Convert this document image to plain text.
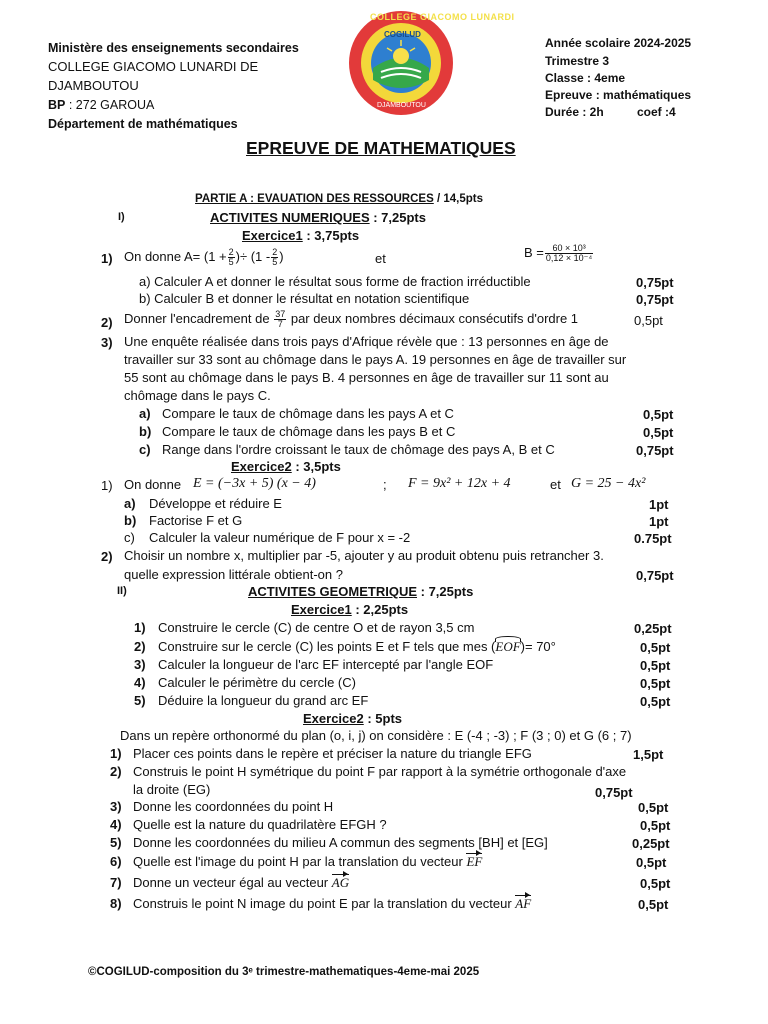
Ministère des enseignements secondaires
COLLEGE GIACOMO LUNARDI DE
DJAMBOUTOU
BP : 272 GAROUA
Département de mathématiques
COLLEGE GIACOMO LUNARDI
COGILUD
DJAMBOUTOU
Année scolaire 2024-2025
Trimestre 3
Classe : 4eme
Epreuve : mathématiques
Durée : 2h	coef :4
EPREUVE DE MATHEMATIQUES
PARTIE A : EVAUATION DES RESSOURCES / 14,5pts
I)	ACTIVITES NUMERIQUES : 7,25pts
Exercice1 : 3,75pts
1) On donne $A= (1 + \frac{2}{5}$ )÷ ($1 - \frac{2}{5}$ )	et	$B = \frac{\text{60 × 10³}}{\text{0,12 × 10⁻⁴}}$
a) Calculer A et donner le résultat sous forme de fraction irréductible	0,75pt
b) Calculer B et donner le résultat en notation scientifique	0,75pt
2) Donner l'encadrement de $\frac{37}{7}$ par deux nombres décimaux consécutifs d'ordre 1	0,5pt
3) Une enquête réalisée dans trois pays d'Afrique révèle que : 13 personnes en âge de
travailler sur 33 sont au chômage dans le pays A. 19 personnes en âge de travailler sur
55 sont au chômage dans le pays B. 4 personnes en âge de travailler sur 11 sont au
chômage dans le pays C.
a) Compare le taux de chômage dans les pays A et C	0,5pt
b) Compare le taux de chômage dans les pays B et C	0,5pt
c) Range dans l'ordre croissant le taux de chômage des pays A, B et C	0,75pt
Exercice2 : 3,5pts
1) On donne E = (−3x + 5) (x − 4)	; F = 9x² + 12x + 4	et G = 25 − 4x²
a) Développe et réduire E	1pt
b) Factorise F et G	1pt
c) Calculer la valeur numérique de F pour x = -2	0.75pt
2) Choisir un nombre x, multiplier par -5, ajouter y au produit obtenu puis retrancher 3.
quelle expression littérale obtient-on ?	0,75pt
II)	ACTIVITES GEOMETRIQUE : 7,25pts
Exercice1 : 2,25pts
1) Construire le cercle (C) de centre O et de rayon 3,5 cm	0,25pt
2) Construire sur le cercle (C) les points E et F tels que mes (EOF)= 70°	0,5pt
3) Calculer la longueur de l'arc EF intercepté par l'angle EOF	0,5pt
4) Calculer le périmètre du cercle (C)	0,5pt
5) Déduire la longueur du grand arc EF	0,5pt
Exercice2 : 5pts
Dans un repère orthonormé du plan (o, i, j) on considère : E (-4 ; -3) ; F (3 ; 0) et G (6 ; 7)
1) Placer ces points dans le repère et préciser la nature du triangle EFG	1,5pt
2) Construis le point H symétrique du point F par rapport à la symétrie orthogonale d'axe
la droite (EG)	0,75pt
3) Donne les coordonnées du point H	0,5pt
4) Quelle est la nature du quadrilatère EFGH ?	0,5pt
5) Donne les coordonnées du milieu A commun des segments [BH] et [EG]	0,25pt
6) Quelle est l'image du point H par la translation du vecteur EF	0,5pt
7) Donne un vecteur égal au vecteur AG	0,5pt
8) Construis le point N image du point E par la translation du vecteur AF	0,5pt
©COGILUD-composition du 3ᵉ trimestre-mathematiques-4eme-mai 2025
